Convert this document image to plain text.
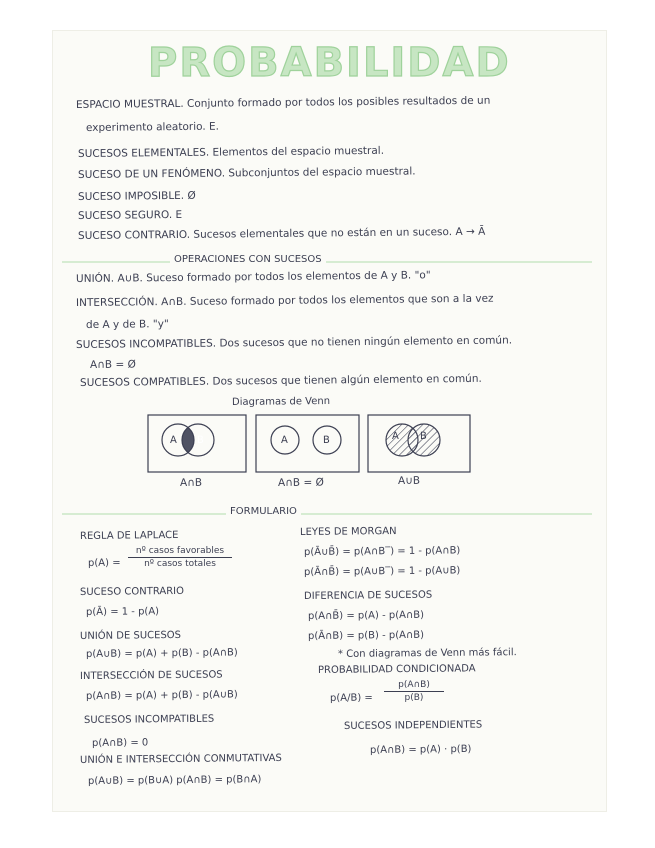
PROBABILIDAD
ESPACIO MUESTRAL. Conjunto formado por todos los posibles resultados de un
experimento aleatorio. E.
SUCESOS ELEMENTALES. Elementos del espacio muestral.
SUCESO DE UN FENÓMENO. Subconjuntos del espacio muestral.
SUCESO IMPOSIBLE. Ø
SUCESO SEGURO. E
SUCESO CONTRARIO. Sucesos elementales que no están en un suceso. A → Ā
OPERACIONES CON SUCESOS
UNIÓN. A∪B. Suceso formado por todos los elementos de A y B. "o"
INTERSECCIÓN. A∩B. Suceso formado por todos los elementos que son a la vez
de A y de B. "y"
SUCESOS INCOMPATIBLES. Dos sucesos que no tienen ningún elemento en común.
A∩B = Ø
SUCESOS COMPATIBLES. Dos sucesos que tienen algún elemento en común.
Diagramas de Venn
A B	A	B	A B
A∩B	A∩B = Ø	A∪B
FORMULARIO
REGLA DE LAPLACE
p(A) =
nº casos favorables
nº casos totales
SUCESO CONTRARIO
p(Ā) = 1 - p(A)
UNIÓN DE SUCESOS
p(A∪B) = p(A) + p(B) - p(A∩B)
INTERSECCIÓN DE SUCESOS
p(A∩B) = p(A) + p(B) - p(A∪B)
SUCESOS INCOMPATIBLES
p(A∩B) = 0
UNIÓN E INTERSECCIÓN CONMUTATIVAS
p(A∪B) = p(B∪A) p(A∩B) = p(B∩A)
LEYES DE MORGAN
p(Ā∪B̄) = p(A∩B‾) = 1 - p(A∩B)
p(Ā∩B̄) = p(A∪B‾) = 1 - p(A∪B)
DIFERENCIA DE SUCESOS
p(A∩B̄) = p(A) - p(A∩B)
p(Ā∩B) = p(B) - p(A∩B)
* Con diagramas de Venn más fácil.
PROBABILIDAD CONDICIONADA
p(A/B) =
p(A∩B)
p(B)
SUCESOS INDEPENDIENTES
p(A∩B) = p(A) · p(B)
